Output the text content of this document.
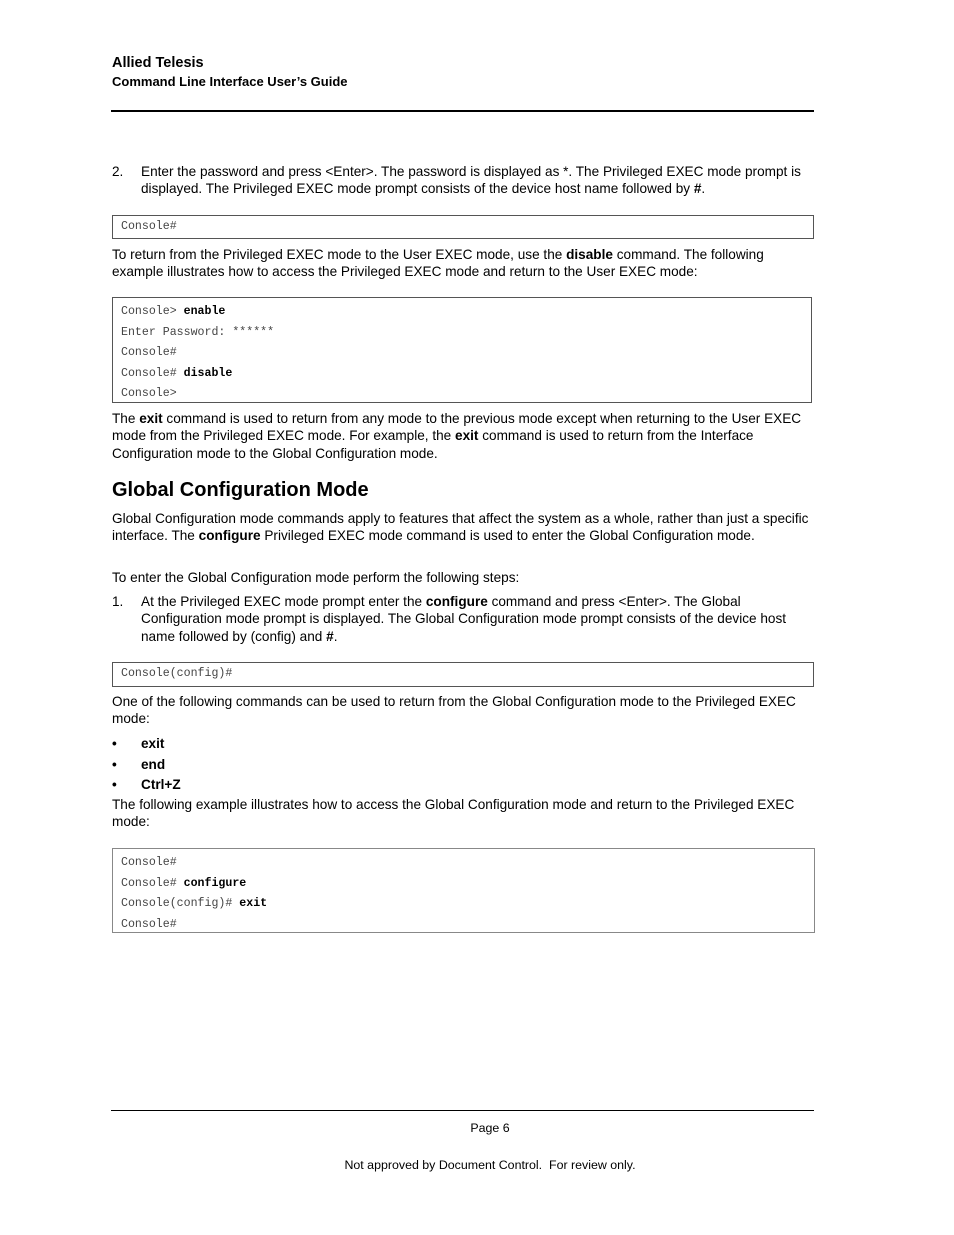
Allied Telesis
Command Line Interface User’s Guide
2.	Enter the password and press <Enter>. The password is displayed as *. The Privileged EXEC mode prompt is displayed. The Privileged EXEC mode prompt consists of the device host name followed by #.
Console#
To return from the Privileged EXEC mode to the User EXEC mode, use the disable command. The following example illustrates how to access the Privileged EXEC mode and return to the User EXEC mode:
Console> enable
Enter Password: ******
Console#
Console# disable
Console>
The exit command is used to return from any mode to the previous mode except when returning to the User EXEC mode from the Privileged EXEC mode. For example, the exit command is used to return from the Interface Configuration mode to the Global Configuration mode.
Global Configuration Mode
Global Configuration mode commands apply to features that affect the system as a whole, rather than just a specific interface. The configure Privileged EXEC mode command is used to enter the Global Configuration mode.
To enter the Global Configuration mode perform the following steps:
1.	At the Privileged EXEC mode prompt enter the configure command and press <Enter>. The Global Configuration mode prompt is displayed. The Global Configuration mode prompt consists of the device host name followed by (config) and #.
Console(config)#
One of the following commands can be used to return from the Global Configuration mode to the Privileged EXEC mode:
• exit
• end
• Ctrl+Z
The following example illustrates how to access the Global Configuration mode and return to the Privileged EXEC mode:
Console#
Console# configure
Console(config)# exit
Console#
Page 6
Not approved by Document Control.  For review only.
